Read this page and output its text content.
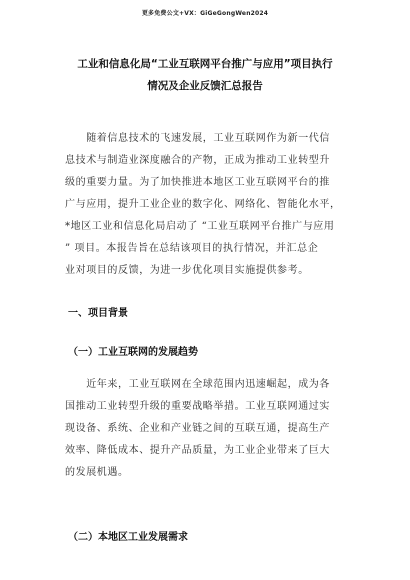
更多免费公文+VX：GiGeGongWen2024
工业和信息化局“工业互联网平台推广与应用”项目执行
情况及企业反馈汇总报告
　　随着信息技术的飞速发展，工业互联网作为新一代信
息技术与制造业深度融合的产物，正成为推动工业转型升
级的重要力量。为了加快推进本地区工业互联网平台的推
广与应用，提升工业企业的数字化、网络化、智能化水平，
*地区工业和信息化局启动了 “工业互联网平台推广与应用
” 项目。本报告旨在总结该项目的执行情况，并汇总企
业对项目的反馈，为进一步优化项目实施提供参考。
一、项目背景
（一）工业互联网的发展趋势
　　近年来，工业互联网在全球范围内迅速崛起，成为各
国推动工业转型升级的重要战略举措。工业互联网通过实
现设备、系统、企业和产业链之间的互联互通，提高生产
效率、降低成本、提升产品质量，为工业企业带来了巨大
的发展机遇。
（二）本地区工业发展需求
